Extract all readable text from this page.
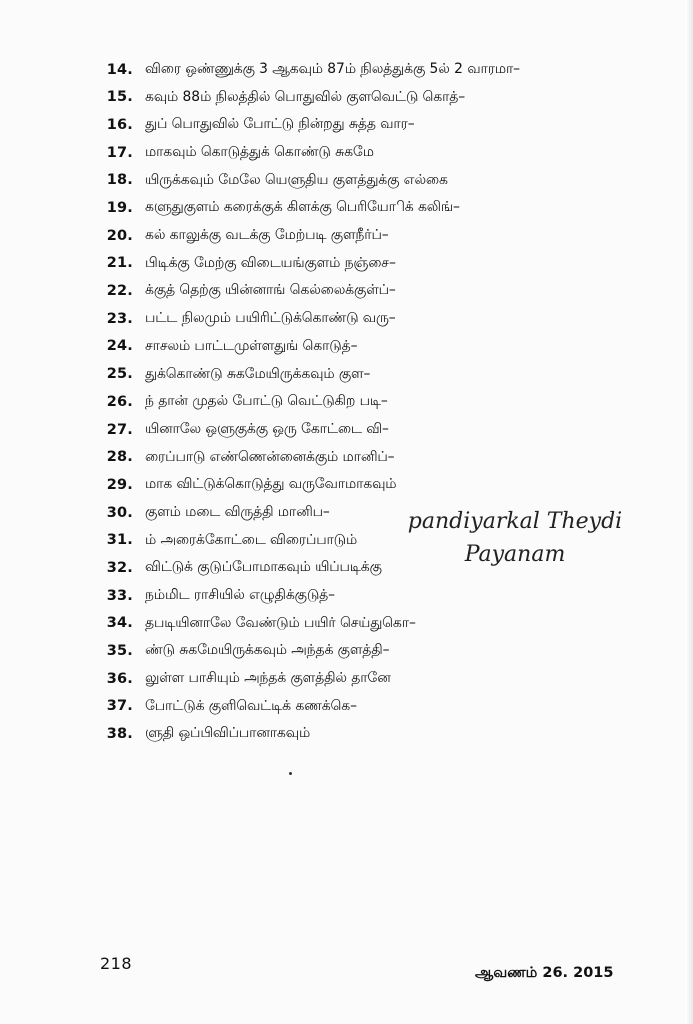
14. விரை ஒண்ணுக்கு 3 ஆகவும் 87ம் நிலத்துக்கு 5ல் 2 வாரமா–
15. கவும் 88ம் நிலத்தில் பொதுவில் குளவெட்டு கொத்–
16. துப் பொதுவில் போட்டு நின்றது சுத்த வார–
17. மாகவும் கொடுத்துக் கொண்டு சுகமே
18. யிருக்கவும் மேலே யெளுதிய குளத்துக்கு எல்கை
19. களுதுகுளம் கரைக்குக் கிளக்கு பெரியோிக் கலிங்–
20. கல் காலுக்கு வடக்கு மேற்படி குளநீர்ப்–
21. பிடிக்கு மேற்கு விடையங்குளம் நஞ்சை–
22. க்குத் தெற்கு யின்னாங் கெல்லைக்குள்ப்–
23. பட்ட நிலமும் பயிரிட்டுக்கொண்டு வரு–
24. சாசலம் பாட்டமுள்ளதுங் கொடுத்–
25. துக்கொண்டு சுகமேயிருக்கவும் குள–
26. ந் தான் முதல் போட்டு வெட்டுகிற படி–
27. யினாலே ஒளுகுக்கு ஒரு கோட்டை வி–
28. ரைப்பாடு எண்ணென்னைக்கும் மானிப்–
29. மாக விட்டுக்கொடுத்து வருவோமாகவும்
30. குளம் மடை விருத்தி மானிப–
31. ம் அரைக்கோட்டை விரைப்பாடும்
32. விட்டுக் குடுப்போமாகவும் யிப்படிக்கு
33. நம்மிட ராசியில் எழுதிக்குடுத்–
34. தபடியினாலே வேண்டும் பயிர் செய்துகொ–
35. ண்டு சுகமேயிருக்கவும் அந்தக் குளத்தி–
36. லுள்ள பாசியும் அந்தக் குளத்தில் தானே
37. போட்டுக் குளிவெட்டிக் கணக்கெ–
38. ளுதி ஒப்பிவிப்பானாகவும்
pandiyarkal Theydi
Payanam
218	ஆவணம் 26. 2015
